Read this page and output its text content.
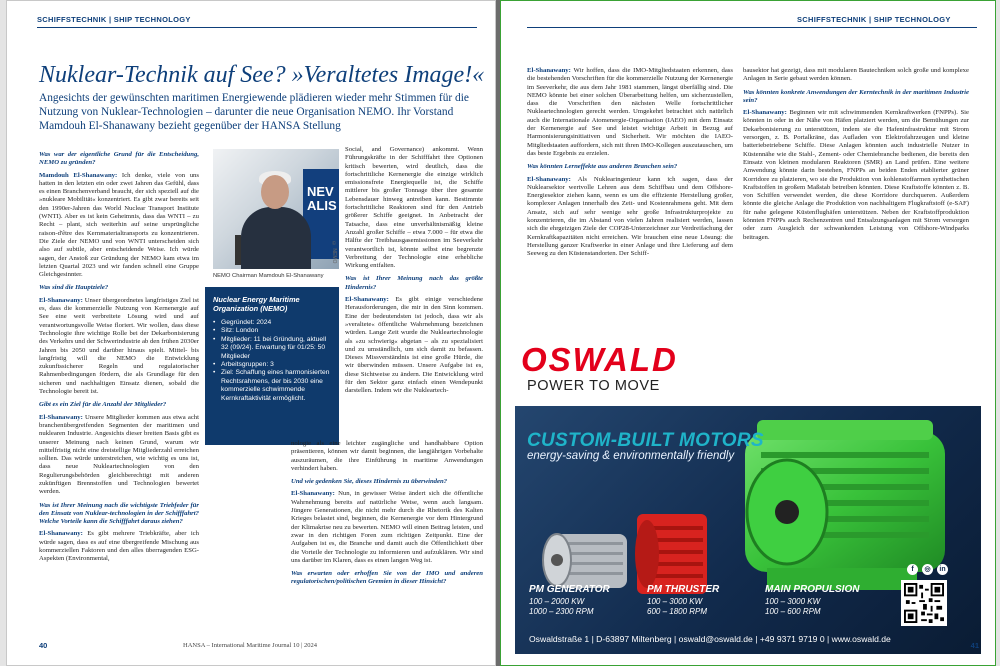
SCHIFFSTECHNIK | SHIP TECHNOLOGY
Nuklear-Technik auf See? »Veraltetes Image!«
Angesichts der gewünschten maritimen Energiewende plädieren wieder mehr Stimmen für die Nutzung von Nuklear-Technologien – darunter die neue Organisation NEMO. Ihr Vorstand Mamdouh El-Shanawany bezieht gegenüber der HANSA Stellung

Was war der eigentliche Grund für die Entscheidung, NEMO zu gründen?

Mamdouh El-Shanawany: Ich denke, viele von uns hatten in den letzten ein oder zwei Jahren das Gefühl, dass es einen Branchenverband braucht, der sich speziell auf die »nukleare Mobilität« konzentriert. Es gibt zwar bereits seit den 1990er-Jahren das World Nuclear Transport Institute (WNTI). Aber es ist kein Geheimnis, dass das WNTI – zu Recht – plant, sich weiterhin auf seine ursprüngliche raison-d'être des Kernmaterialtransports zu konzentrieren. Die Ziele der NEMO und von WNTI unterscheiden sich also auf subtile, aber entscheidende Weise. Ich würde sagen, der Anstoß zur Gründung der NEMO kam etwa im letzten Quartal 2023 und wir fanden schnell eine Gruppe Gleichgesinnter.

Was sind die Hauptziele?

El-Shanawany: Unser übergeordnetes langfristiges Ziel ist es, dass die kommerzielle Nutzung von Kernenergie auf See eine weit verbreitete Lösung wird und auf verantwortungsvolle Weise floriert. Wir wollen, dass diese Technologie ihre wichtige Rolle bei der Dekarbonisierung des Verkehrs und der Schwerindustrie ab den frühen 2030er Jahren bis 2050 und darüber hinaus spielt. Mittel- bis langfristig will die NEMO die Entwicklung zukunftssicherer Regeln und regulatorischer Rahmenbedingungen fördern, die als Grundlage für den sicheren und nachhaltigen Einsatz dienen, sobald die Technologie bereit ist.

Gibt es ein Ziel für die Anzahl der Mitglieder?

El-Shanawany: Unsere Mitglieder kommen aus etwa acht branchenübergreifenden Segmenten der maritimen und nuklearen Industrie. Angesichts dieser breiten Basis gibt es unserer Meinung nach keinen Grund, warum wir mittelfristig nicht eine dreistellige Mitgliederzahl erreichen sollten. Das würde unterstreichen, wie wichtig es uns ist, dass neue Nukleartechnologien von den Regulierungsbehörden gleichberechtigt mit anderen zukünftigen Brennstoffen und Technologien bewertet werden.

Was ist Ihrer Meinung nach die wichtigste Triebfeder für den Einsatz von Nuklear-technologien in der Schifffahrt? Welche Vorteile kann die Schifffahrt daraus ziehen?

El-Shanawany: Es gibt mehrere Triebkräfte, aber ich würde sagen, dass es auf eine übergreifende Mischung aus kommerziellen Faktoren und den alles überragenden ESG-Aspekten (Environmental,

NEV ALIS
© NEMO
NEMO Chairman Mamdouh El-Shanawany
Nuclear Energy Maritime Organization (NEMO)
• Gegründet: 2024
• Sitz: London
• Mitglieder: 11 bei Gründung, aktuell 32 (09/24). Erwartung für 01/25: 50 Mitglieder
• Arbeitsgruppen: 3
• Ziel: Schaffung eines harmonisierten Rechtsrahmens, der bis 2030 eine kommerzielle schwimmende Kernkraftaktivität ermöglicht.

Social, and Governance) ankommt. Wenn Führungskräfte in der Schifffahrt ihre Optionen kritisch bewerten, wird deutlich, dass die fortschrittliche Kernenergie die einzige wirklich emissionsfreie Energiequelle ist, die Schiffe mittlerer bis großer Tonnage über ihre gesamte Lebensdauer hinweg antreiben kann. Bestimmte fortschrittliche Reaktoren sind für den Antrieb größerer Schiffe geeignet. In Anbetracht der Tatsache, dass eine unverhältnismäßig kleine Anzahl großer Schiffe – etwa 7.000 – für etwa die Hälfte der Treibhausgasemissionen im Seeverkehr verantwortlich ist, könnte selbst eine begrenzte Verbreitung der Technologie eine erhebliche Wirkung entfalten.

Was ist Ihrer Meinung nach das größte Hindernis?

El-Shanawany: Es gibt einige verschiedene Herausforderungen, die mir in den Sinn kommen. Eine der bedeutendsten ist jedoch, dass wir als »veraltete« öffentliche Wahrnehmung bezeichnen würden. Lange Zeit wurde die Nukleartechnologie als »zu schwierig« abgetan – als zu spezialisiert und zu umständlich, um sich damit zu befassen. Dieses Missverständnis ist eine große Hürde, die wir überwinden müssen. Unsere Aufgabe ist es, diese Sichtweise zu ändern. Die Entwicklung wird für den Sektor ganz einfach einen Wendepunkt darstellen. Indem wir die Nukleartech-

nologie als eine leichter zugängliche und handhabbare Option präsentieren, können wir damit beginnen, die langjährigen Vorbehalte auszuräumen, die ihre Einführung in maritime Anwendungen verhindert haben.

Und wie gedenken Sie, dieses Hindernis zu überwinden?

El-Shanawany: Nun, in gewisser Weise ändert sich die öffentliche Wahrnehmung bereits auf natürliche Weise, wenn auch langsam. Jüngere Generationen, die nicht mehr durch die Rhetorik des Kalten Krieges belastet sind, beginnen, die Kernenergie vor dem Hintergrund der Klimakrise neu zu bewerten. NEMO will einen Beitrag leisten, und zwar in den richtigen Foren zum richtigen Zeitpunkt. Eine der Aufgaben ist es, die Branche und damit auch die Öffentlichkeit über die Vorteile der Technologie zu informieren und aufzuklären. Wir sind uns darüber im Klaren, dass es einen langen Weg ist.

Was erwarten oder erhoffen Sie von der IMO und anderen regulatorischen/politischen Gremien in dieser Hinsicht?

40	HANSA – International Maritime Journal 10 | 2024
SCHIFFSTECHNIK | SHIP TECHNOLOGY

El-Shanawany: Wir hoffen, dass die IMO-Mitgliedstaaten erkennen, dass die bestehenden Vorschriften für die kommerzielle Nutzung der Kernenergie im Seeverkehr, die aus dem Jahr 1981 stammen, längst überfällig sind. Die NEMO könnte bei einer solchen Überarbeitung helfen, um sicherzustellen, dass die Vorschriften den nächsten Welle fortschrittlicher Nukleartechnologien gerecht werden. Umgekehrt betrachtet sich natürlich auch die Internationale Atomenergie-Organisation (IAEO) mit dem Einsatz der Kernenergie auf See und leistet wichtige Arbeit in Bezug auf Harmonisierungsinitiativen und Sicherheit. Wir möchten die IAEO-Mitgliedstaaten auffordern, sich mit ihren IMO-Kollegen auszutauschen, um das beste Ergebnis zu erzielen.

Was könnten Lerneffekte aus anderen Branchen sein?

El-Shanawany: Als Nuklearingenieur kann ich sagen, dass der Nuklearsektor wertvolle Lehren aus dem Schiffbau und dem Offshore-Energiesektor ziehen kann, wenn es um die effiziente Herstellung großer, komplexer Anlagen innerhalb des Zeit- und Kostenrahmens geht. Mit dem Ansatz, sich auf sehr wenige sehr große Infrastrukturprojekte zu konzentrieren, die im Abstand von vielen Jahren realisiert werden, lassen sich die ehrgeizigen Ziele der COP28-Unterzeichner zur Verdreifachung der Kernkraftkapazitäten nicht erreichen. Wir brauchen eine neue Lösung: die Herstellung ganzer Kraftwerke in einer Anlage und ihre Lieferung auf dem Seeweg zu den Küstenstandorten. Der Schiff-

bausektor hat gezeigt, dass mit modularen Bautechniken solch große und komplexe Anlagen in Serie gebaut werden können.

Was könnten konkrete Anwendungen der Kerntechnik in der maritimen Industrie sein?

El-Shanawany: Beginnen wir mit schwimmenden Kernkraftwerken (FNPPs). Sie könnten in oder in der Nähe von Häfen platziert werden, um die Bemühungen zur Dekarbonisierung zu unterstützen, indem sie die Hafeninfrastruktur mit Strom versorgen, z. B. Portalkräne, das Aufladen von Elektrofahrzeugen und kleine batteriebetriebene Schiffe. Diese Anlagen könnten auch industrielle Nutzer in Küstennähe wie die Stahl-, Zement- oder Chemiebranche bedienen, die bereits den Einsatz von kleinen modularen Reaktoren (SMR) an Land prüfen. Eine weitere Anwendung könnte darin bestehen, FNPPs an beiden Enden etablierter grüner Korridore zu platzieren, wo sie die Produktion von kohlenstoffarmen synthetischen Kraftstoffen in großem Maßstab betreiben könnten. Diese Kraftstoffe könnten z. B. von Schiffen verwendet werden, die diese Korridore durchqueren. Außerdem könnte die gleiche Anlage die Produktion von nachhaltigem Flugkraftstoff (e-SAF) für nahe gelegene Küstenflughäfen unterstützen. Neben der Kraftstoffproduktion könnten FNPPs auch Rechenzentren und Entsalzungsanlagen mit Strom versorgen oder zum Ausgleich der schwankenden Leistung von Offshore-Windparks beitragen.

OSWALD
POWER TO MOVE
CUSTOM-BUILT MOTORS
energy-saving & environmentally friendly
PM GENERATOR
100 – 2000 KW
1000 – 2300 RPM
PM THRUSTER
100 – 3000 KW
600 – 1800 RPM
MAIN PROPULSION
100 – 3000 KW
100 – 600 RPM
f	◎	in
Oswaldstraße 1 | D-63897 Miltenberg | oswald@oswald.de | +49 9371 9719 0 | www.oswald.de
41
